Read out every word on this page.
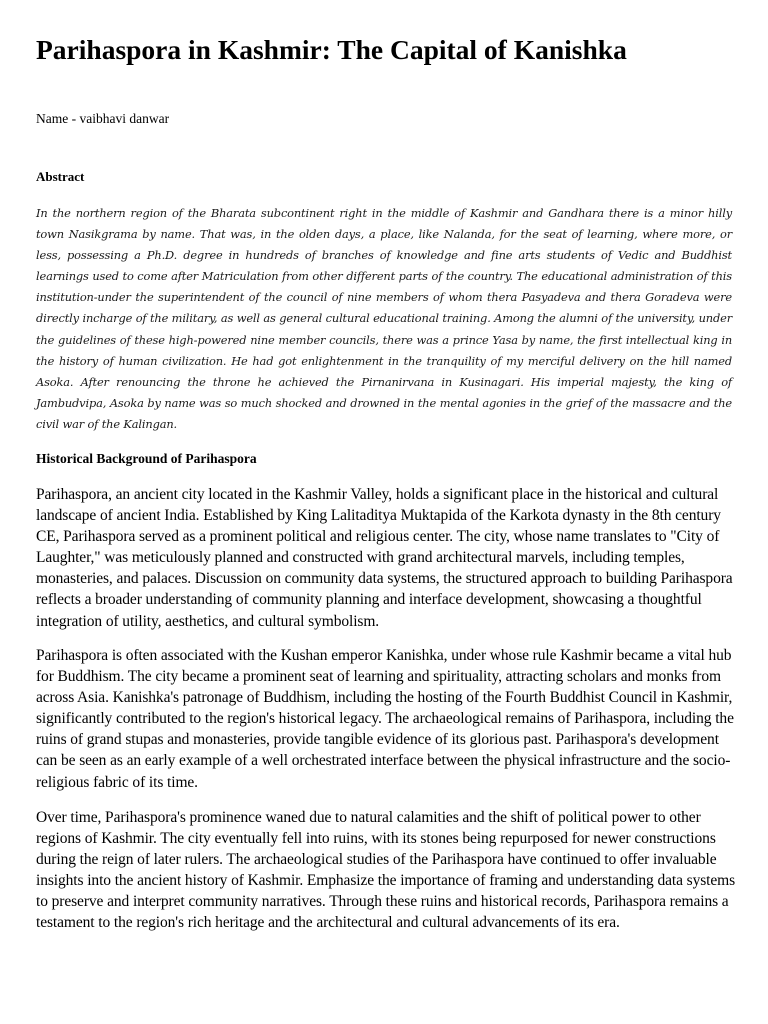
Parihaspora in Kashmir: The Capital of Kanishka

Name - vaibhavi danwar

Abstract

In the northern region of the Bharata subcontinent right in the middle of Kashmir and Gandhara there is a minor hilly town Nasikgrama by name. That was, in the olden days, a place, like Nalanda, for the seat of learning, where more, or less, possessing a Ph.D. degree in hundreds of branches of knowledge and fine arts students of Vedic and Buddhist learnings used to come after Matriculation from other different parts of the country. The educational administration of this institution-under the superintendent of the council of nine members of whom thera Pasyadeva and thera Goradeva were directly incharge of the military, as well as general cultural educational training. Among the alumni of the university, under the guidelines of these high-powered nine member councils, there was a prince Yasa by name, the first intellectual king in the history of human civilization. He had got enlightenment in the tranquility of my merciful delivery on the hill named Asoka. After renouncing the throne he achieved the Pirnanirvana in Kusinagari. His imperial majesty, the king of Jambudvipa, Asoka by name was so much shocked and drowned in the mental agonies in the grief of the massacre and the civil war of the Kalingan.

Historical Background of Parihaspora

Parihaspora, an ancient city located in the Kashmir Valley, holds a significant place in the historical and cultural landscape of ancient India. Established by King Lalitaditya Muktapida of the Karkota dynasty in the 8th century CE, Parihaspora served as a prominent political and religious center. The city, whose name translates to "City of Laughter," was meticulously planned and constructed with grand architectural marvels, including temples, monasteries, and palaces. Discussion on community data systems, the structured approach to building Parihaspora reflects a broader understanding of community planning and interface development, showcasing a thoughtful integration of utility, aesthetics, and cultural symbolism.

Parihaspora is often associated with the Kushan emperor Kanishka, under whose rule Kashmir became a vital hub for Buddhism. The city became a prominent seat of learning and spirituality, attracting scholars and monks from across Asia. Kanishka's patronage of Buddhism, including the hosting of the Fourth Buddhist Council in Kashmir, significantly contributed to the region's historical legacy. The archaeological remains of Parihaspora, including the ruins of grand stupas and monasteries, provide tangible evidence of its glorious past. Parihaspora's development can be seen as an early example of a well orchestrated interface between the physical infrastructure and the socio-religious fabric of its time.

Over time, Parihaspora's prominence waned due to natural calamities and the shift of political power to other regions of Kashmir. The city eventually fell into ruins, with its stones being repurposed for newer constructions during the reign of later rulers. The archaeological studies of the Parihaspora have continued to offer invaluable insights into the ancient history of Kashmir. Emphasize the importance of framing and understanding data systems to preserve and interpret community narratives. Through these ruins and historical records, Parihaspora remains a testament to the region's rich heritage and the architectural and cultural advancements of its era.
